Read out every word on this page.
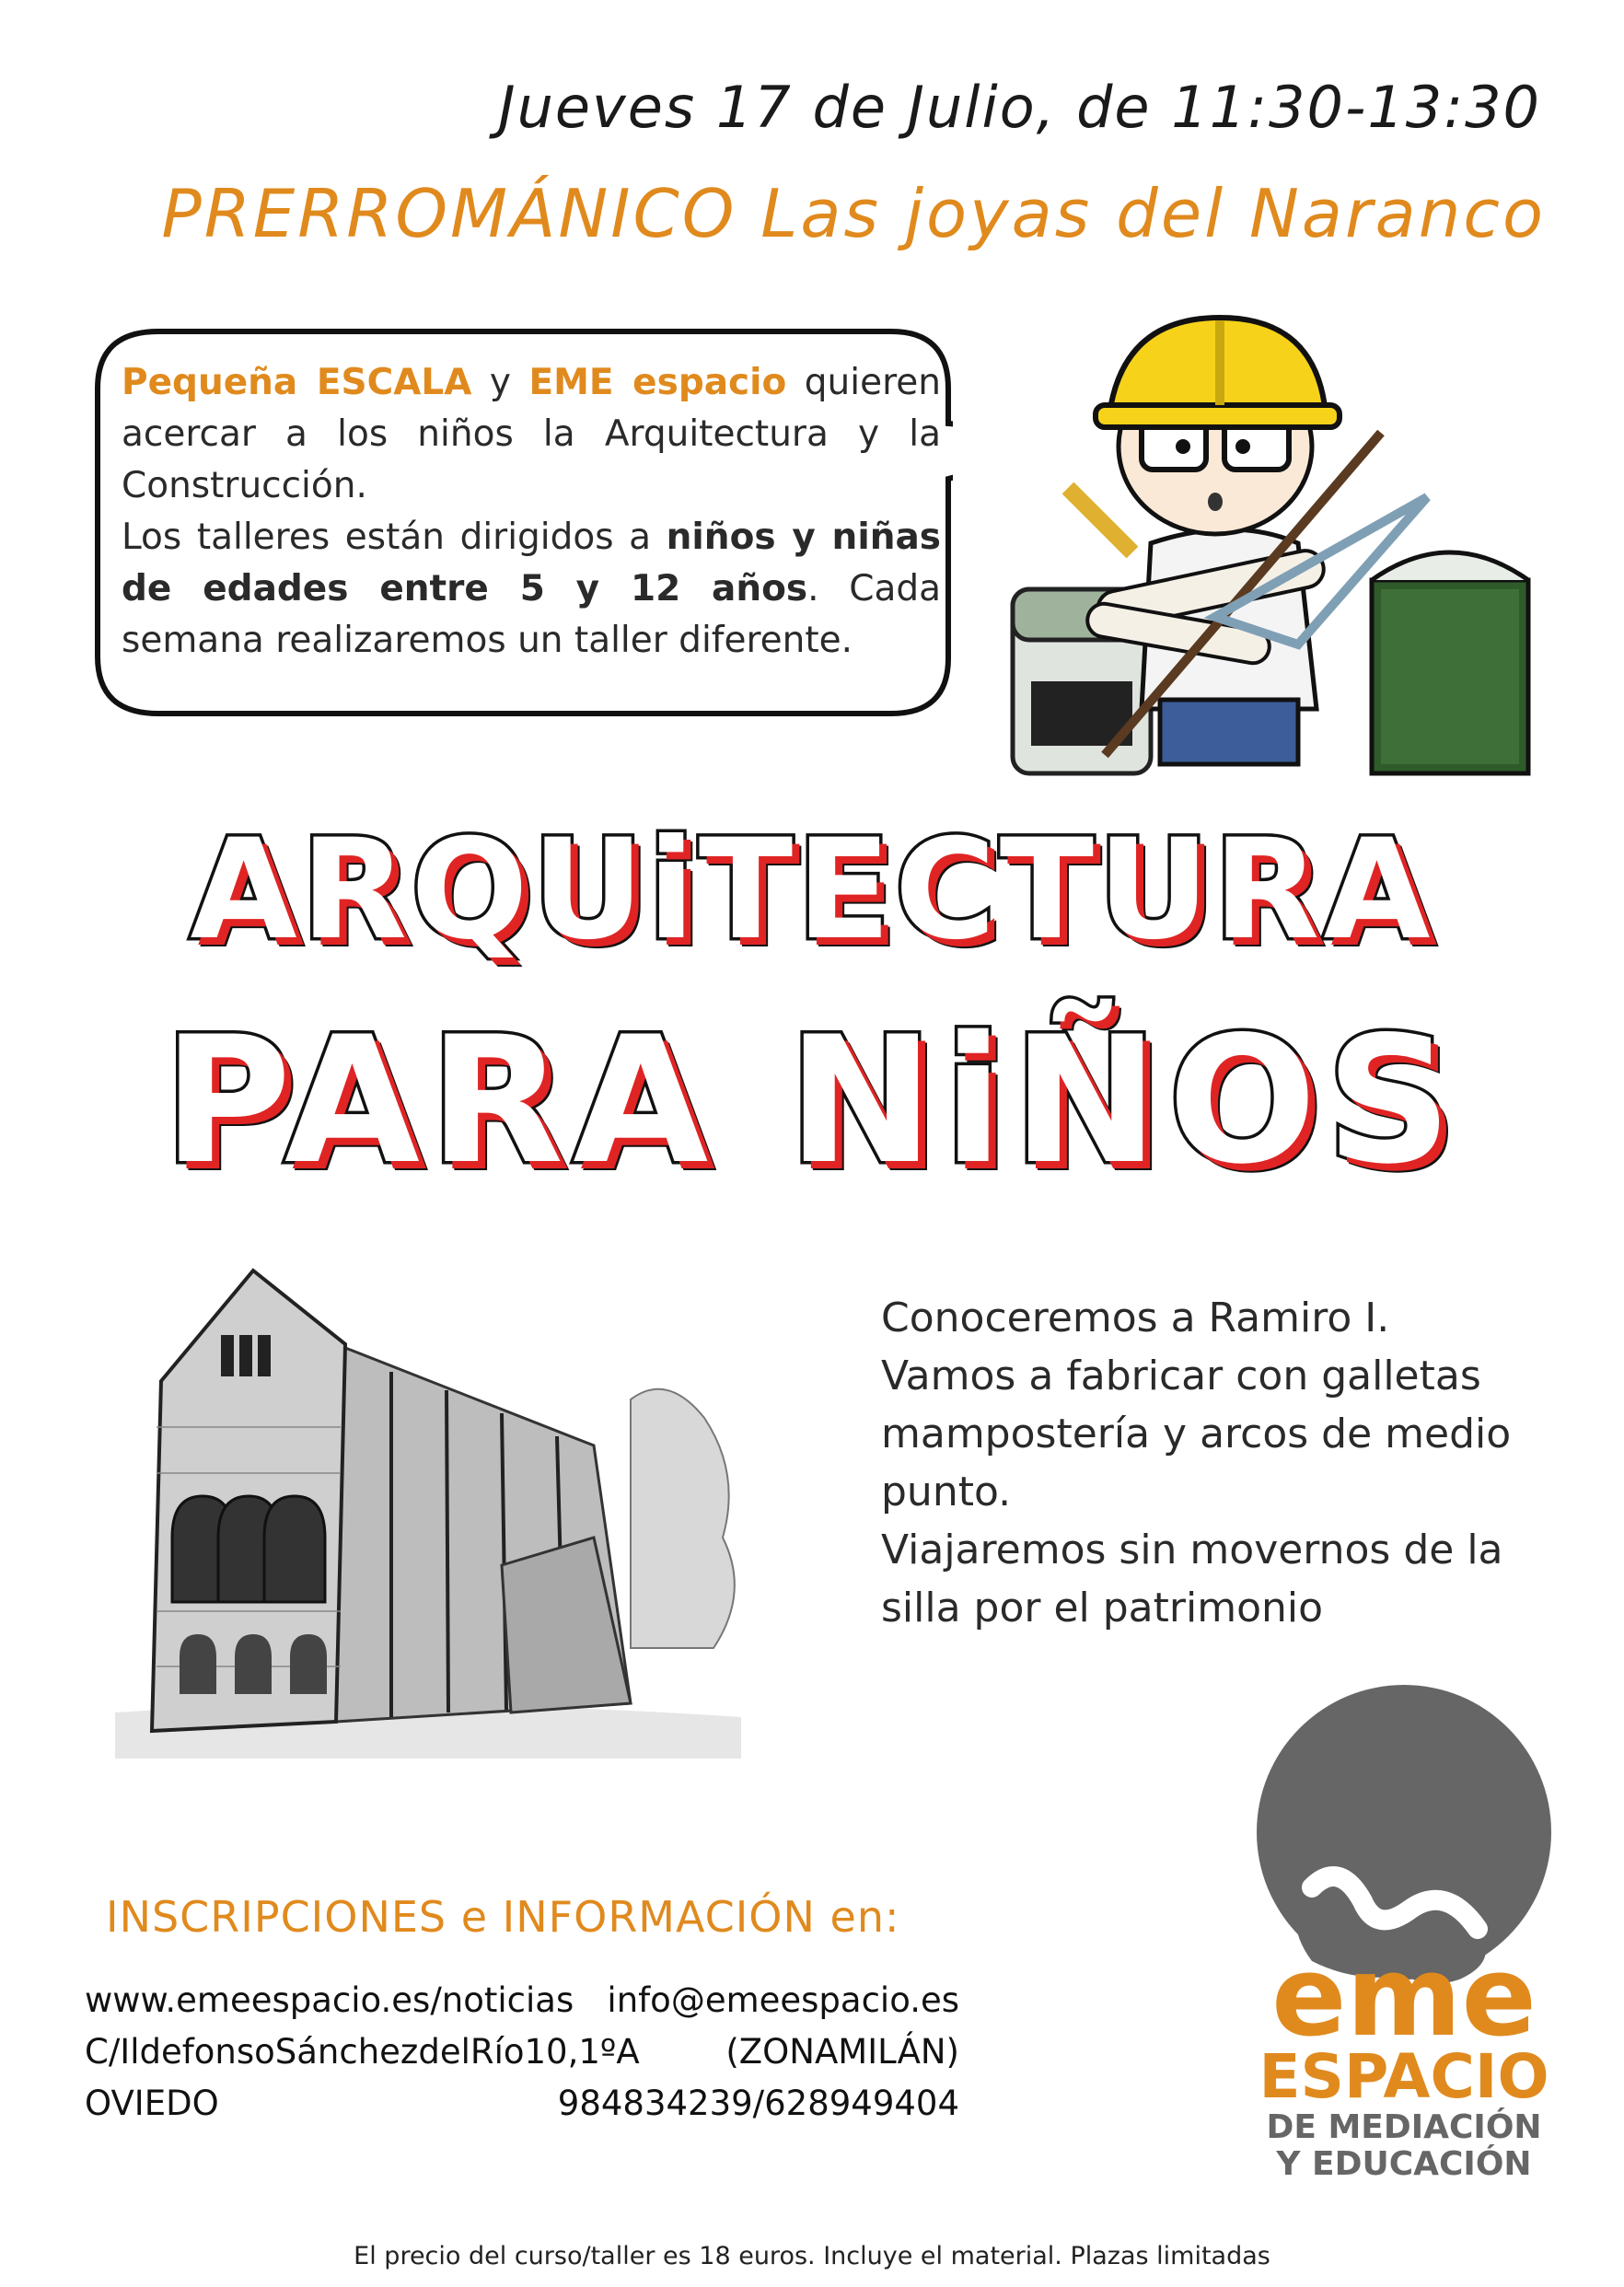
Jueves 17 de Julio, de 11:30-13:30
PRERROMÁNICO Las joyas del Naranco

Pequeña ESCALA y EME espacio quieren acercar a los niños la Arquitectura y la Construcción.

Los talleres están dirigidos a niños y niñas de edades entre 5 y 12 años. Cada semana realizaremos un taller diferente.

ARQUiTECTURA
PARA NiÑOS
Conoceremos a Ramiro I.
Vamos a fabricar con galletas
mampostería y arcos de medio
punto.
Viajaremos sin movernos de la
silla por el patrimonio
eme
ESPACIO
DE MEDIACIÓN
Y EDUCACIÓN
INSCRIPCIONES e INFORMACIÓN en:
www.emeespacio.es/noticias info@emeespacio.es
C/IldefonsoSánchezdelRío10,1ºA	(ZONAMILÁN)
OVIEDO	984834239/628949404
El precio del curso/taller es 18 euros. Incluye el material. Plazas limitadas
